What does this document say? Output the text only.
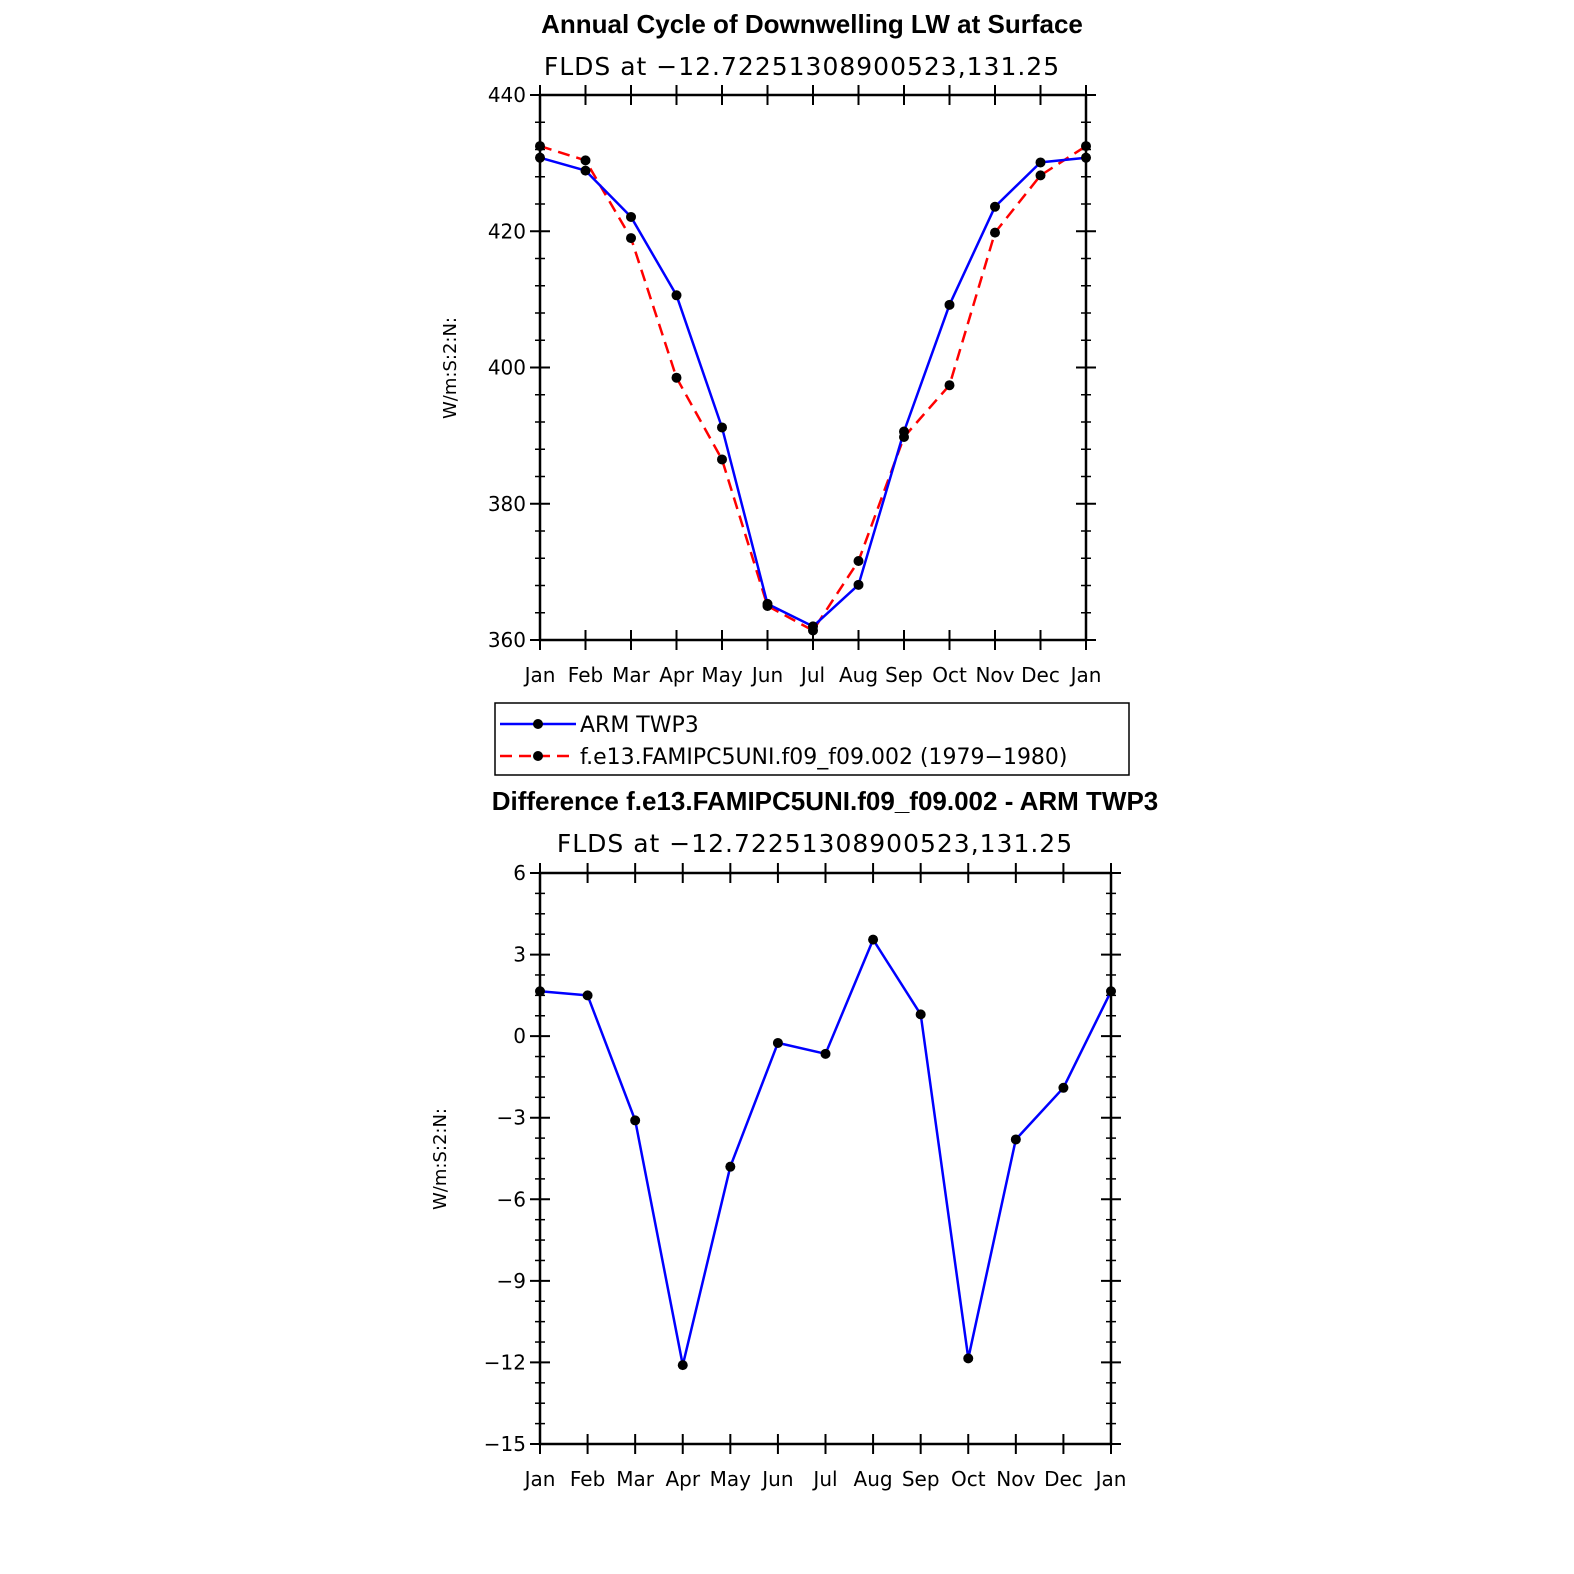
Annual Cycle of Downwelling LW at Surface
FLDS at −12.72251308900523,131.25
W/m:S:2:N:
360
380
400
420
440
Jan Feb Mar Apr May Jun Jul Aug Sep Oct Nov Dec Jan
ARM TWP3
f.e13.FAMIPC5UNI.f09_f09.002 (1979−1980)
Difference f.e13.FAMIPC5UNI.f09_f09.002 - ARM TWP3
FLDS at −12.72251308900523,131.25
W/m:S:2:N:
−15
−12
−9
−6
−3
0
3
6
Jan Feb Mar Apr May Jun Jul Aug Sep Oct Nov Dec Jan
